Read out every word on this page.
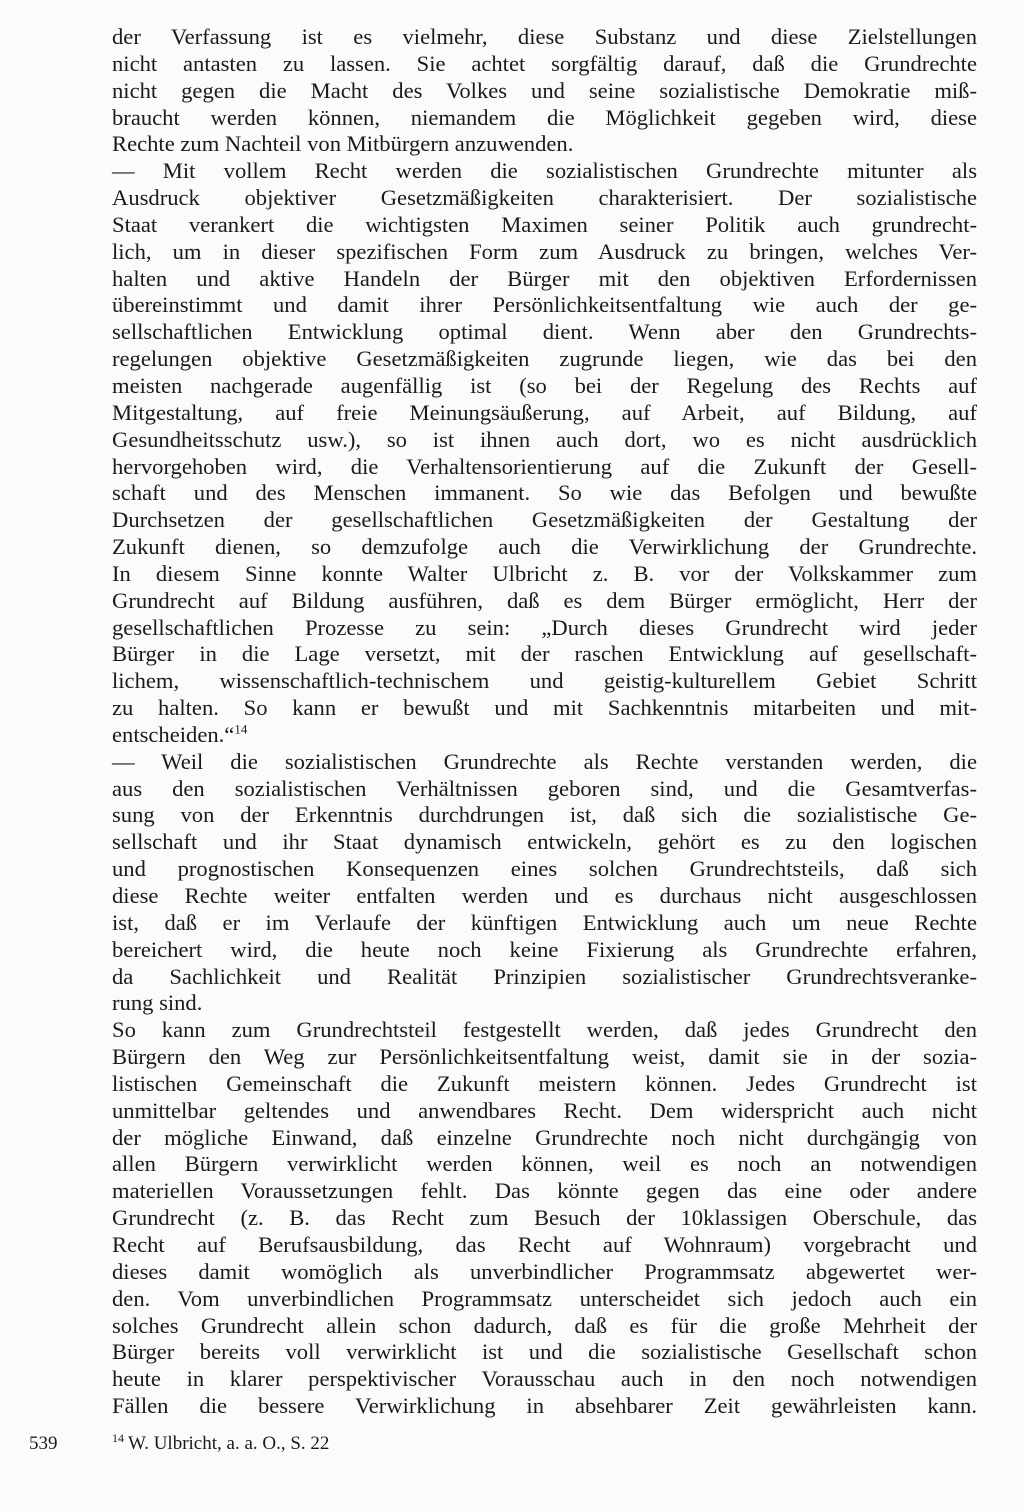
der Verfassung ist es vielmehr, diese Substanz und diese Zielstellungen
nicht antasten zu lassen. Sie achtet sorgfältig darauf, daß die Grundrechte
nicht gegen die Macht des Volkes und seine sozialistische Demokratie miß-
braucht werden können, niemandem die Möglichkeit gegeben wird, diese
Rechte zum Nachteil von Mitbürgern anzuwenden.

— Mit vollem Recht werden die sozialistischen Grundrechte mitunter als
Ausdruck objektiver Gesetzmäßigkeiten charakterisiert. Der sozialistische
Staat verankert die wichtigsten Maximen seiner Politik auch grundrecht-
lich, um in dieser spezifischen Form zum Ausdruck zu bringen, welches Ver-
halten und aktive Handeln der Bürger mit den objektiven Erfordernissen
übereinstimmt und damit ihrer Persönlichkeitsentfaltung wie auch der ge-
sellschaftlichen Entwicklung optimal dient. Wenn aber den Grundrechts-
regelungen objektive Gesetzmäßigkeiten zugrunde liegen, wie das bei den
meisten nachgerade augenfällig ist (so bei der Regelung des Rechts auf
Mitgestaltung, auf freie Meinungsäußerung, auf Arbeit, auf Bildung, auf
Gesundheitsschutz usw.), so ist ihnen auch dort, wo es nicht ausdrücklich
hervorgehoben wird, die Verhaltensorientierung auf die Zukunft der Gesell-
schaft und des Menschen immanent. So wie das Befolgen und bewußte
Durchsetzen der gesellschaftlichen Gesetzmäßigkeiten der Gestaltung der
Zukunft dienen, so demzufolge auch die Verwirklichung der Grundrechte.
In diesem Sinne konnte Walter Ulbricht z. B. vor der Volkskammer zum
Grundrecht auf Bildung ausführen, daß es dem Bürger ermöglicht, Herr der
gesellschaftlichen Prozesse zu sein: „Durch dieses Grundrecht wird jeder
Bürger in die Lage versetzt, mit der raschen Entwicklung auf gesellschaft-
lichem, wissenschaftlich-technischem und geistig-kulturellem Gebiet Schritt
zu halten. So kann er bewußt und mit Sachkenntnis mitarbeiten und mit-
entscheiden.“$^{14}$

— Weil die sozialistischen Grundrechte als Rechte verstanden werden, die
aus den sozialistischen Verhältnissen geboren sind, und die Gesamtverfas-
sung von der Erkenntnis durchdrungen ist, daß sich die sozialistische Ge-
sellschaft und ihr Staat dynamisch entwickeln, gehört es zu den logischen
und prognostischen Konsequenzen eines solchen Grundrechtsteils, daß sich
diese Rechte weiter entfalten werden und es durchaus nicht ausgeschlossen
ist, daß er im Verlaufe der künftigen Entwicklung auch um neue Rechte
bereichert wird, die heute noch keine Fixierung als Grundrechte erfahren,
da Sachlichkeit und Realität Prinzipien sozialistischer Grundrechtsveranke-
rung sind.

So kann zum Grundrechtsteil festgestellt werden, daß jedes Grundrecht den
Bürgern den Weg zur Persönlichkeitsentfaltung weist, damit sie in der sozia-
listischen Gemeinschaft die Zukunft meistern können. Jedes Grundrecht ist
unmittelbar geltendes und anwendbares Recht. Dem widerspricht auch nicht
der mögliche Einwand, daß einzelne Grundrechte noch nicht durchgängig von
allen Bürgern verwirklicht werden können, weil es noch an notwendigen
materiellen Voraussetzungen fehlt. Das könnte gegen das eine oder andere
Grundrecht (z. B. das Recht zum Besuch der 10klassigen Oberschule, das
Recht auf Berufsausbildung, das Recht auf Wohnraum) vorgebracht und
dieses damit womöglich als unverbindlicher Programmsatz abgewertet wer-
den. Vom unverbindlichen Programmsatz unterscheidet sich jedoch auch ein
solches Grundrecht allein schon dadurch, daß es für die große Mehrheit der
Bürger bereits voll verwirklicht ist und die sozialistische Gesellschaft schon
heute in klarer perspektivischer Vorausschau auch in den noch notwendigen
Fällen die bessere Verwirklichung in absehbarer Zeit gewährleisten kann.

539	$^{14}$ W. Ulbricht, a. a. O., S. 22
